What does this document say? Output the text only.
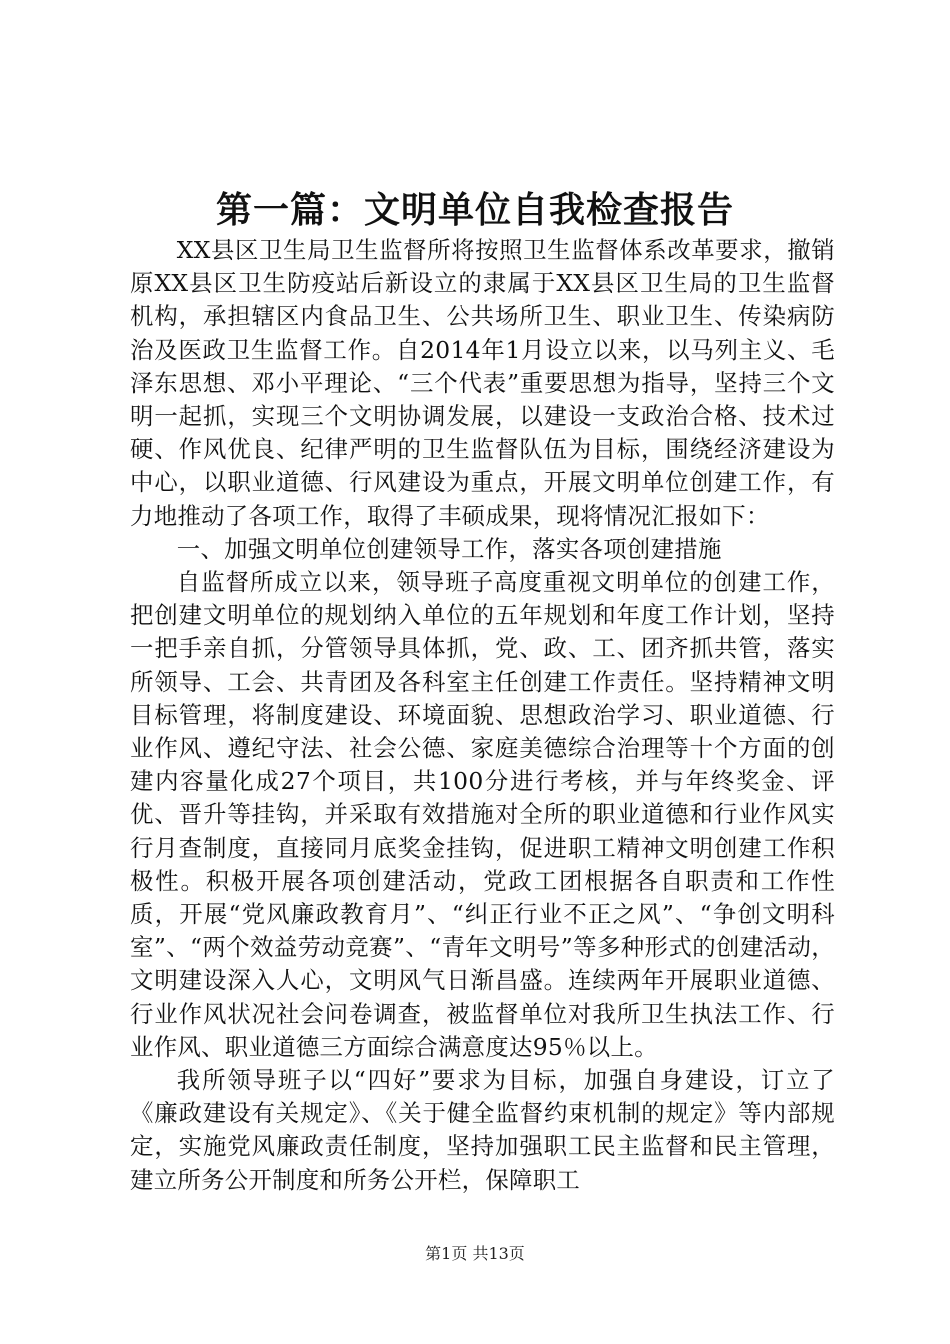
第一篇：文明单位自我检查报告

XX县区卫生局卫生监督所将按照卫生监督体系改革要求，撤销原XX县区卫生防疫站后新设立的隶属于XX县区卫生局的卫生监督机构，承担辖区内食品卫生、公共场所卫生、职业卫生、传染病防治及医政卫生监督工作。自2014年1月设立以来，以马列主义、毛泽东思想、邓小平理论、“三个代表”重要思想为指导，坚持三个文明一起抓，实现三个文明协调发展，以建设一支政治合格、技术过硬、作风优良、纪律严明的卫生监督队伍为目标，围绕经济建设为中心，以职业道德、行风建设为重点，开展文明单位创建工作，有力地推动了各项工作，取得了丰硕成果，现将情况汇报如下：

一、加强文明单位创建领导工作，落实各项创建措施

自监督所成立以来，领导班子高度重视文明单位的创建工作，把创建文明单位的规划纳入单位的五年规划和年度工作计划，坚持一把手亲自抓，分管领导具体抓，党、政、工、团齐抓共管，落实所领导、工会、共青团及各科室主任创建工作责任。坚持精神文明目标管理，将制度建设、环境面貌、思想政治学习、职业道德、行业作风、遵纪守法、社会公德、家庭美德综合治理等十个方面的创建内容量化成27个项目，共100分进行考核，并与年终奖金、评优、晋升等挂钩，并采取有效措施对全所的职业道德和行业作风实行月查制度，直接同月底奖金挂钩，促进职工精神文明创建工作积极性。积极开展各项创建活动，党政工团根据各自职责和工作性质，开展“党风廉政教育月”、“纠正行业不正之风”、“争创文明科室”、“两个效益劳动竞赛”、“青年文明号”等多种形式的创建活动，文明建设深入人心，文明风气日渐昌盛。连续两年开展职业道德、行业作风状况社会问卷调查，被监督单位对我所卫生执法工作、行业作风、职业道德三方面综合满意度达95％以上。

我所领导班子以“四好”要求为目标，加强自身建设，订立了《廉政建设有关规定》、《关于健全监督约束机制的规定》等内部规定，实施党风廉政责任制度，坚持加强职工民主监督和民主管理，建立所务公开制度和所务公开栏，保障职工

第1页 共13页
